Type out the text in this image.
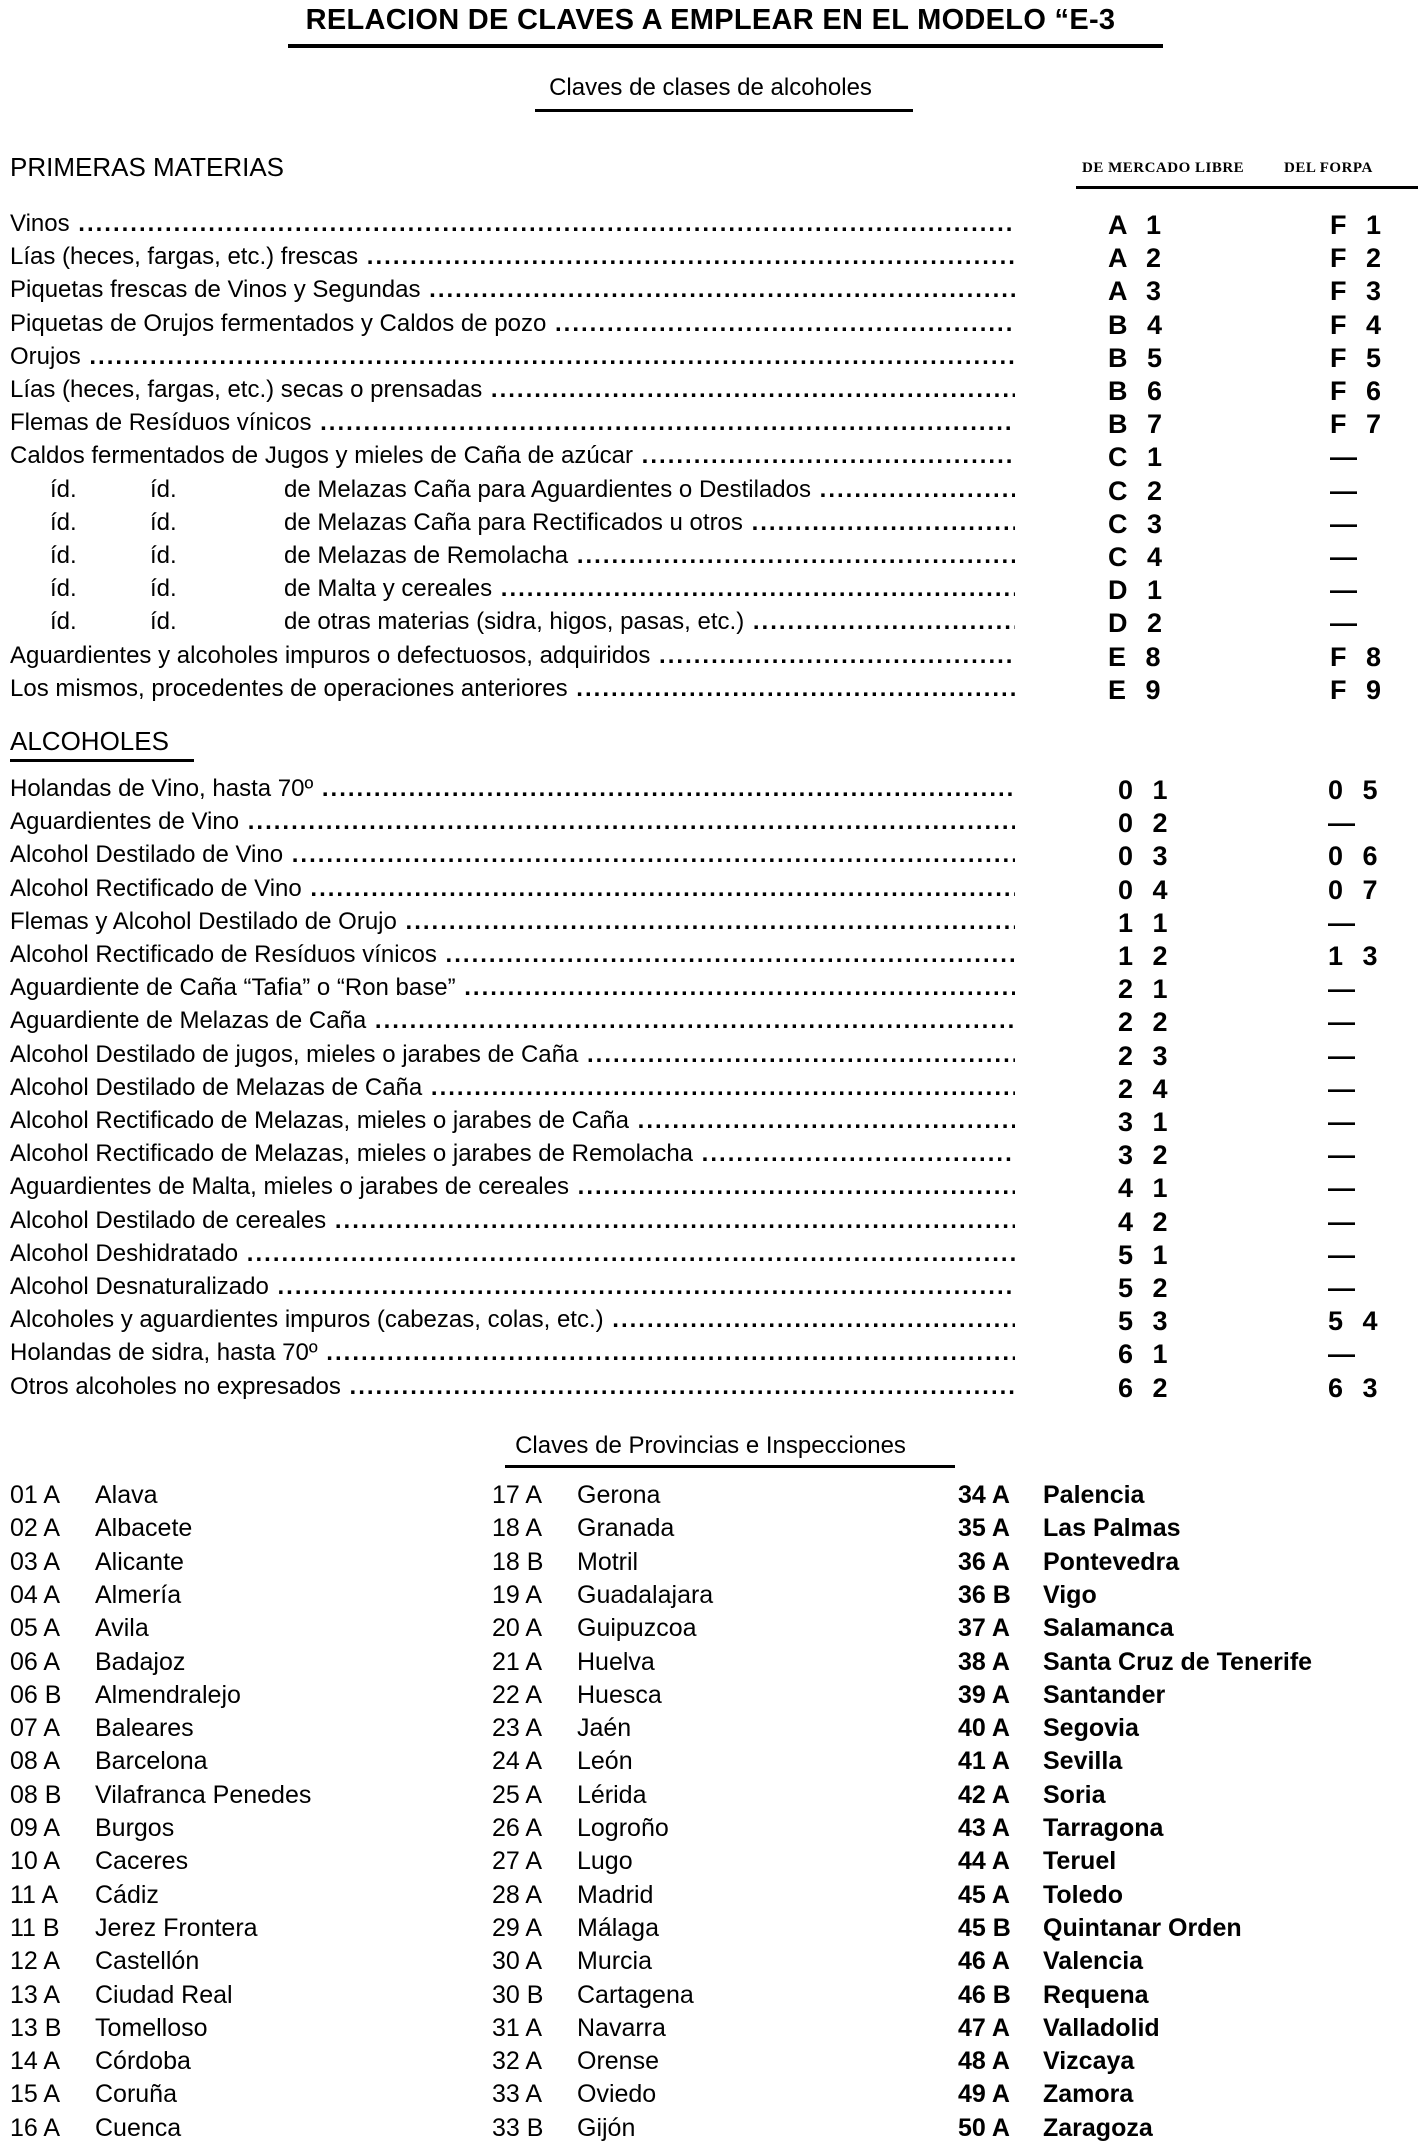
RELACION DE CLAVES A EMPLEAR EN EL MODELO “E-3
Claves de clases de alcoholes
PRIMERAS MATERIAS	DE MERCADO LIBRE	DEL FORPA
Vinos .....	A 1	F 1
Lías (heces, fargas, etc.) frescas .....	A 2	F 2
Piquetas frescas de Vinos y Segundas .....	A 3	F 3
Piquetas de Orujos fermentados y Caldos de pozo .....	B 4	F 4
Orujos .....	B 5	F 5
Lías (heces, fargas, etc.) secas o prensadas .....	B 6	F 6
Flemas de Resíduos vínicos .....	B 7	F 7
Caldos fermentados de Jugos y mieles de Caña de azúcar .....	C 1	—
íd.	íd.	de Melazas Caña para Aguardientes o Destilados .....	C 2	—
íd.	íd.	de Melazas Caña para Rectificados u otros .....	C 3	—
íd.	íd.	de Melazas de Remolacha .....	C 4	—
íd.	íd.	de Malta y cereales .....	D 1	—
íd.	íd.	de otras materias (sidra, higos, pasas, etc.) .....	D 2	—
Aguardientes y alcoholes impuros o defectuosos, adquiridos .....	E 8	F 8
Los mismos, procedentes de operaciones anteriores .....	E 9	F 9
ALCOHOLES
Holandas de Vino, hasta 70º .....	0 1	0 5
Aguardientes de Vino .....	0 2	—
Alcohol Destilado de Vino .....	0 3	0 6
Alcohol Rectificado de Vino .....	0 4	0 7
Flemas y Alcohol Destilado de Orujo .....	1 1	—
Alcohol Rectificado de Resíduos vínicos .....	1 2	1 3
Aguardiente de Caña “Tafia” o “Ron base” .....	2 1	—
Aguardiente de Melazas de Caña .....	2 2	—
Alcohol Destilado de jugos, mieles o jarabes de Caña .....	2 3	—
Alcohol Destilado de Melazas de Caña .....	2 4	—
Alcohol Rectificado de Melazas, mieles o jarabes de Caña .....	3 1	—
Alcohol Rectificado de Melazas, mieles o jarabes de Remolacha .....	3 2	—
Aguardientes de Malta, mieles o jarabes de cereales .....	4 1	—
Alcohol Destilado de cereales .....	4 2	—
Alcohol Deshidratado .....	5 1	—
Alcohol Desnaturalizado .....	5 2	—
Alcoholes y aguardientes impuros (cabezas, colas, etc.) .....	5 3	5 4
Holandas de sidra, hasta 70º .....	6 1	—
Otros alcoholes no expresados .....	6 2	6 3
Claves de Provincias e Inspecciones
01 A Alava
02 A Albacete
03 A Alicante
04 A Almería
05 A Avila
06 A Badajoz
06 B Almendralejo
07 A Baleares
08 A Barcelona
08 B Vilafranca Penedes
09 A Burgos
10 A Caceres
11 A Cádiz
11 B Jerez Frontera
12 A Castellón
13 A Ciudad Real
13 B Tomelloso
14 A Córdoba
15 A Coruña
16 A Cuenca
17 A Gerona
18 A Granada
18 B Motril
19 A Guadalajara
20 A Guipuzcoa
21 A Huelva
22 A Huesca
23 A Jaén
24 A León
25 A Lérida
26 A Logroño
27 A Lugo
28 A Madrid
29 A Málaga
30 A Murcia
30 B Cartagena
31 A Navarra
32 A Orense
33 A Oviedo
33 B Gijón
34 A Palencia
35 A Las Palmas
36 A Pontevedra
36 B Vigo
37 A Salamanca
38 A Santa Cruz de Tenerife
39 A Santander
40 A Segovia
41 A Sevilla
42 A Soria
43 A Tarragona
44 A Teruel
45 A Toledo
45 B Quintanar Orden
46 A Valencia
46 B Requena
47 A Valladolid
48 A Vizcaya
49 A Zamora
50 A Zaragoza
